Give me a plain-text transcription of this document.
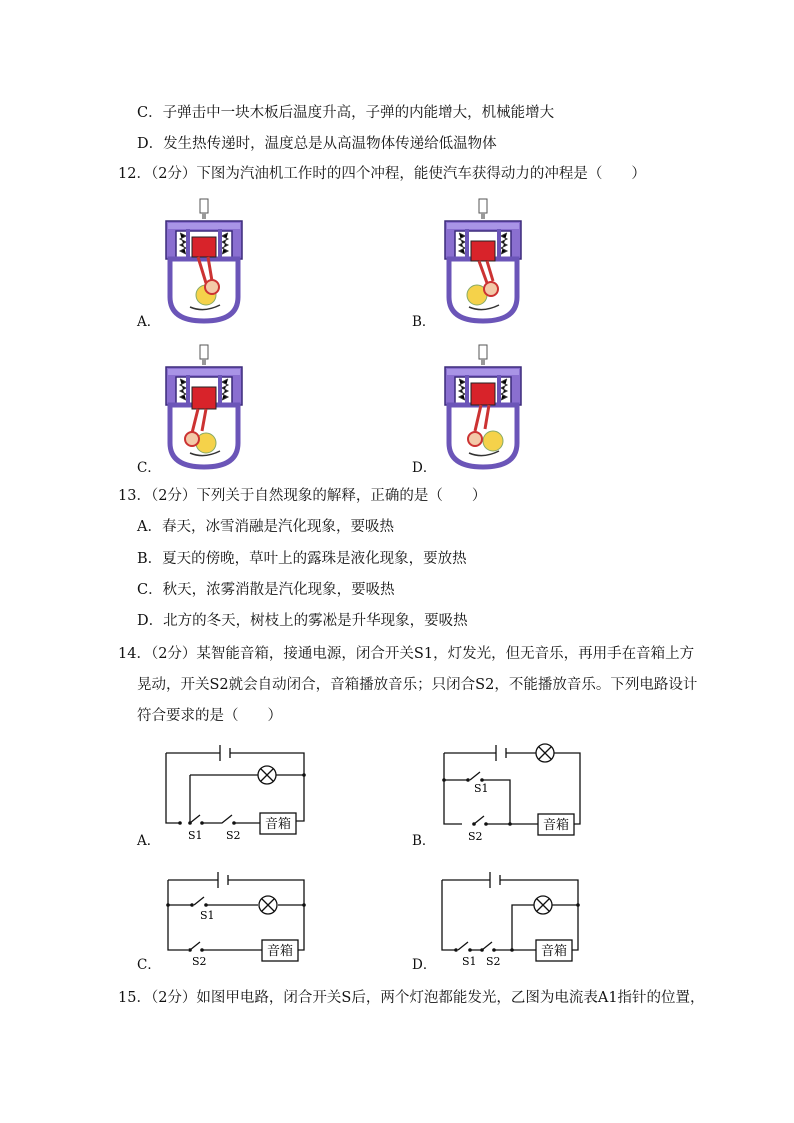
C．子弹击中一块木板后温度升高，子弹的内能增大，机械能增大
D．发生热传递时，温度总是从高温物体传递给低温物体
12．（2分）下图为汽油机工作时的四个冲程，能使汽车获得动力的冲程是（　　）
A．	B．
C．	D．
13．（2分）下列关于自然现象的解释，正确的是（　　）
A．春天，冰雪消融是汽化现象，要吸热
B．夏天的傍晚，草叶上的露珠是液化现象，要放热
C．秋天，浓雾消散是汽化现象，要吸热
D．北方的冬天，树枝上的雾凇是升华现象，要吸热
14．（2分）某智能音箱，接通电源，闭合开关S1，灯发光，但无音乐，再用手在音箱上方
晃动，开关S2就会自动闭合，音箱播放音乐；只闭合S2，不能播放音乐。下列电路设计
符合要求的是（　　）
音箱
S1 S2
A．
音箱
S1
S2
B．
音箱
S1
S2
C．
音箱
S1 S2
D．
15．（2分）如图甲电路，闭合开关S后，两个灯泡都能发光，乙图为电流表A1指针的位置，
